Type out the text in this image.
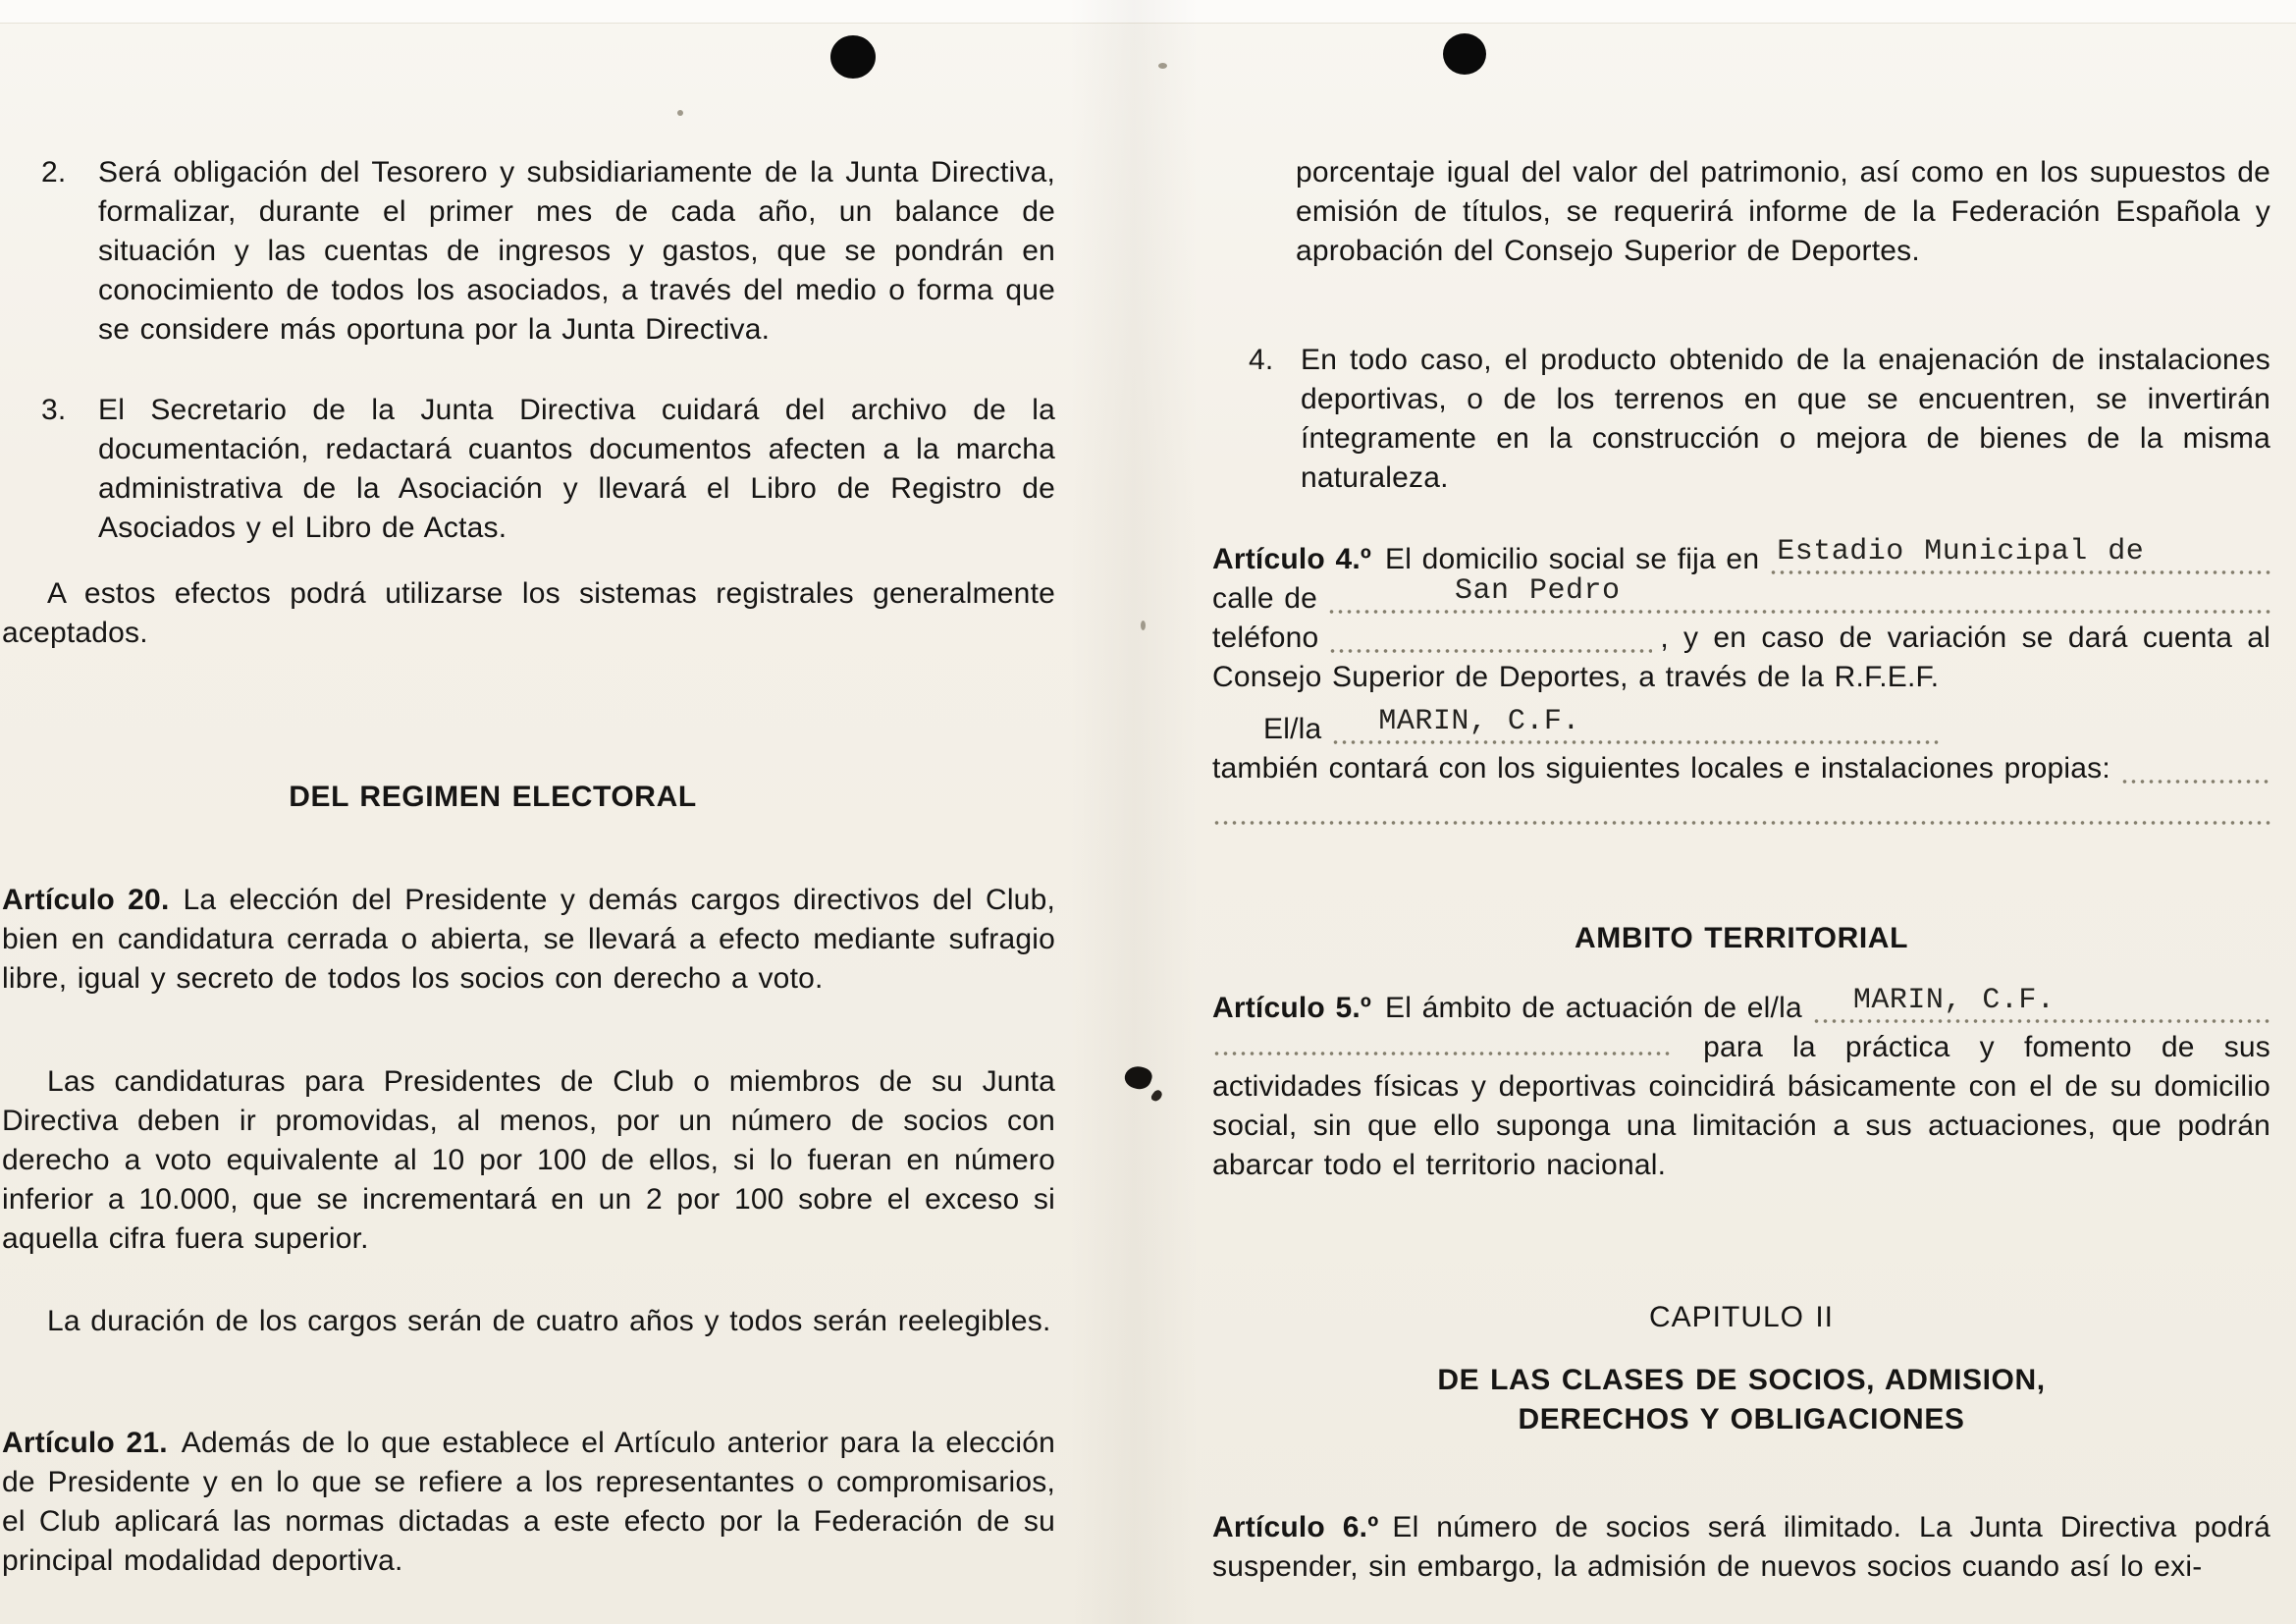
2.	Será obligación del Tesorero y subsidiariamente de la Junta Directiva, formalizar, durante el primer mes de cada año, un balance de situación y las cuentas de ingresos y gastos, que se pondrán en conocimiento de todos los asociados, a través del medio o forma que se considere más oportuna por la Junta Directiva.

3.	El Secretario de la Junta Directiva cuidará del archivo de la documentación, redactará cuantos documentos afecten a la marcha administrativa de la Asociación y llevará el Libro de Registro de Asociados y el Libro de Actas.

A estos efectos podrá utilizarse los sistemas registrales generalmente aceptados.

DEL REGIMEN ELECTORAL

Artículo 20. La elección del Presidente y demás cargos directivos del Club, bien en candidatura cerrada o abierta, se llevará a efecto mediante sufragio libre, igual y secreto de todos los socios con derecho a voto.

Las candidaturas para Presidentes de Club o miembros de su Junta Directiva deben ir promovidas, al menos, por un número de socios con derecho a voto equivalente al 10 por 100 de ellos, si lo fueran en número inferior a 10.000, que se incrementará en un 2 por 100 sobre el exceso si aquella cifra fuera superior.

La duración de los cargos serán de cuatro años y todos serán reelegibles.

Artículo 21. Además de lo que establece el Artículo anterior para la elección de Presidente y en lo que se refiere a los representantes o compromisarios, el Club aplicará las normas dictadas a este efecto por la Federación de su principal modalidad deportiva.

porcentaje igual del valor del patrimonio, así como en los supuestos de emisión de títulos, se requerirá informe de la Federación Española y aprobación del Consejo Superior de Deportes.

4. En todo caso, el producto obtenido de la enajenación de instalaciones deportivas, o de los terrenos en que se encuentren, se invertirán íntegramente en la construcción o mejora de bienes de la misma naturaleza.

Artículo 4.º El domicilio social se fija en Estadio Municipal de
calle de	San Pedro
teléfono	, y en caso de variación se dará cuenta al
Consejo Superior de Deportes, a través de la R.F.E.F.
El/la MARIN, C.F.
también contará con los siguientes locales e instalaciones propias:
AMBITO TERRITORIAL
Artículo 5.º El ámbito de actuación de el/la MARIN, C.F.

para la práctica y fomento de sus actividades físicas y deportivas coincidirá básicamente con el de su domicilio social, sin que ello suponga una limitación a sus actuaciones, que podrán abarcar todo el territorio nacional.

CAPITULO II
DE LAS CLASES DE SOCIOS, ADMISION,
DERECHOS Y OBLIGACIONES

Artículo 6.º El número de socios será ilimitado. La Junta Directiva podrá suspender, sin embargo, la admisión de nuevos socios cuando así lo exi-
